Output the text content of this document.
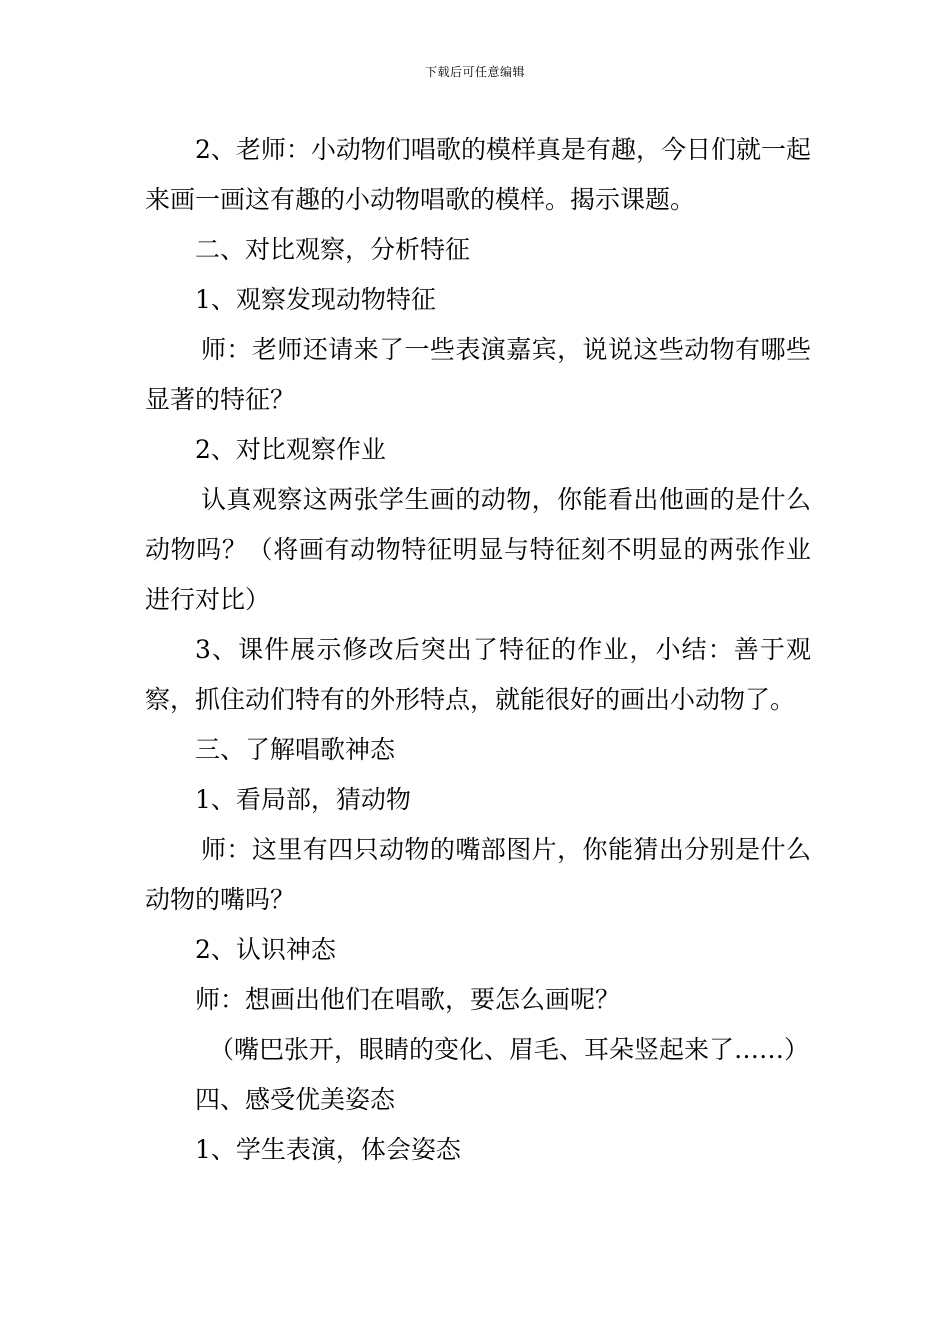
下载后可任意编辑

2、老师：小动物们唱歌的模样真是有趣，今日们就一起来画一画这有趣的小动物唱歌的模样。揭示课题。

二、对比观察，分析特征

1、观察发现动物特征

师：老师还请来了一些表演嘉宾，说说这些动物有哪些显著的特征？

2、对比观察作业

认真观察这两张学生画的动物，你能看出他画的是什么动物吗？（将画有动物特征明显与特征刻不明显的两张作业进行对比）

3、课件展示修改后突出了特征的作业，小结：善于观察，抓住动们特有的外形特点，就能很好的画出小动物了。

三、了解唱歌神态

1、看局部，猜动物

师：这里有四只动物的嘴部图片，你能猜出分别是什么动物的嘴吗？

2、认识神态

师：想画出他们在唱歌，要怎么画呢？

（嘴巴张开，眼睛的变化、眉毛、耳朵竖起来了……）

四、感受优美姿态

1、学生表演，体会姿态
